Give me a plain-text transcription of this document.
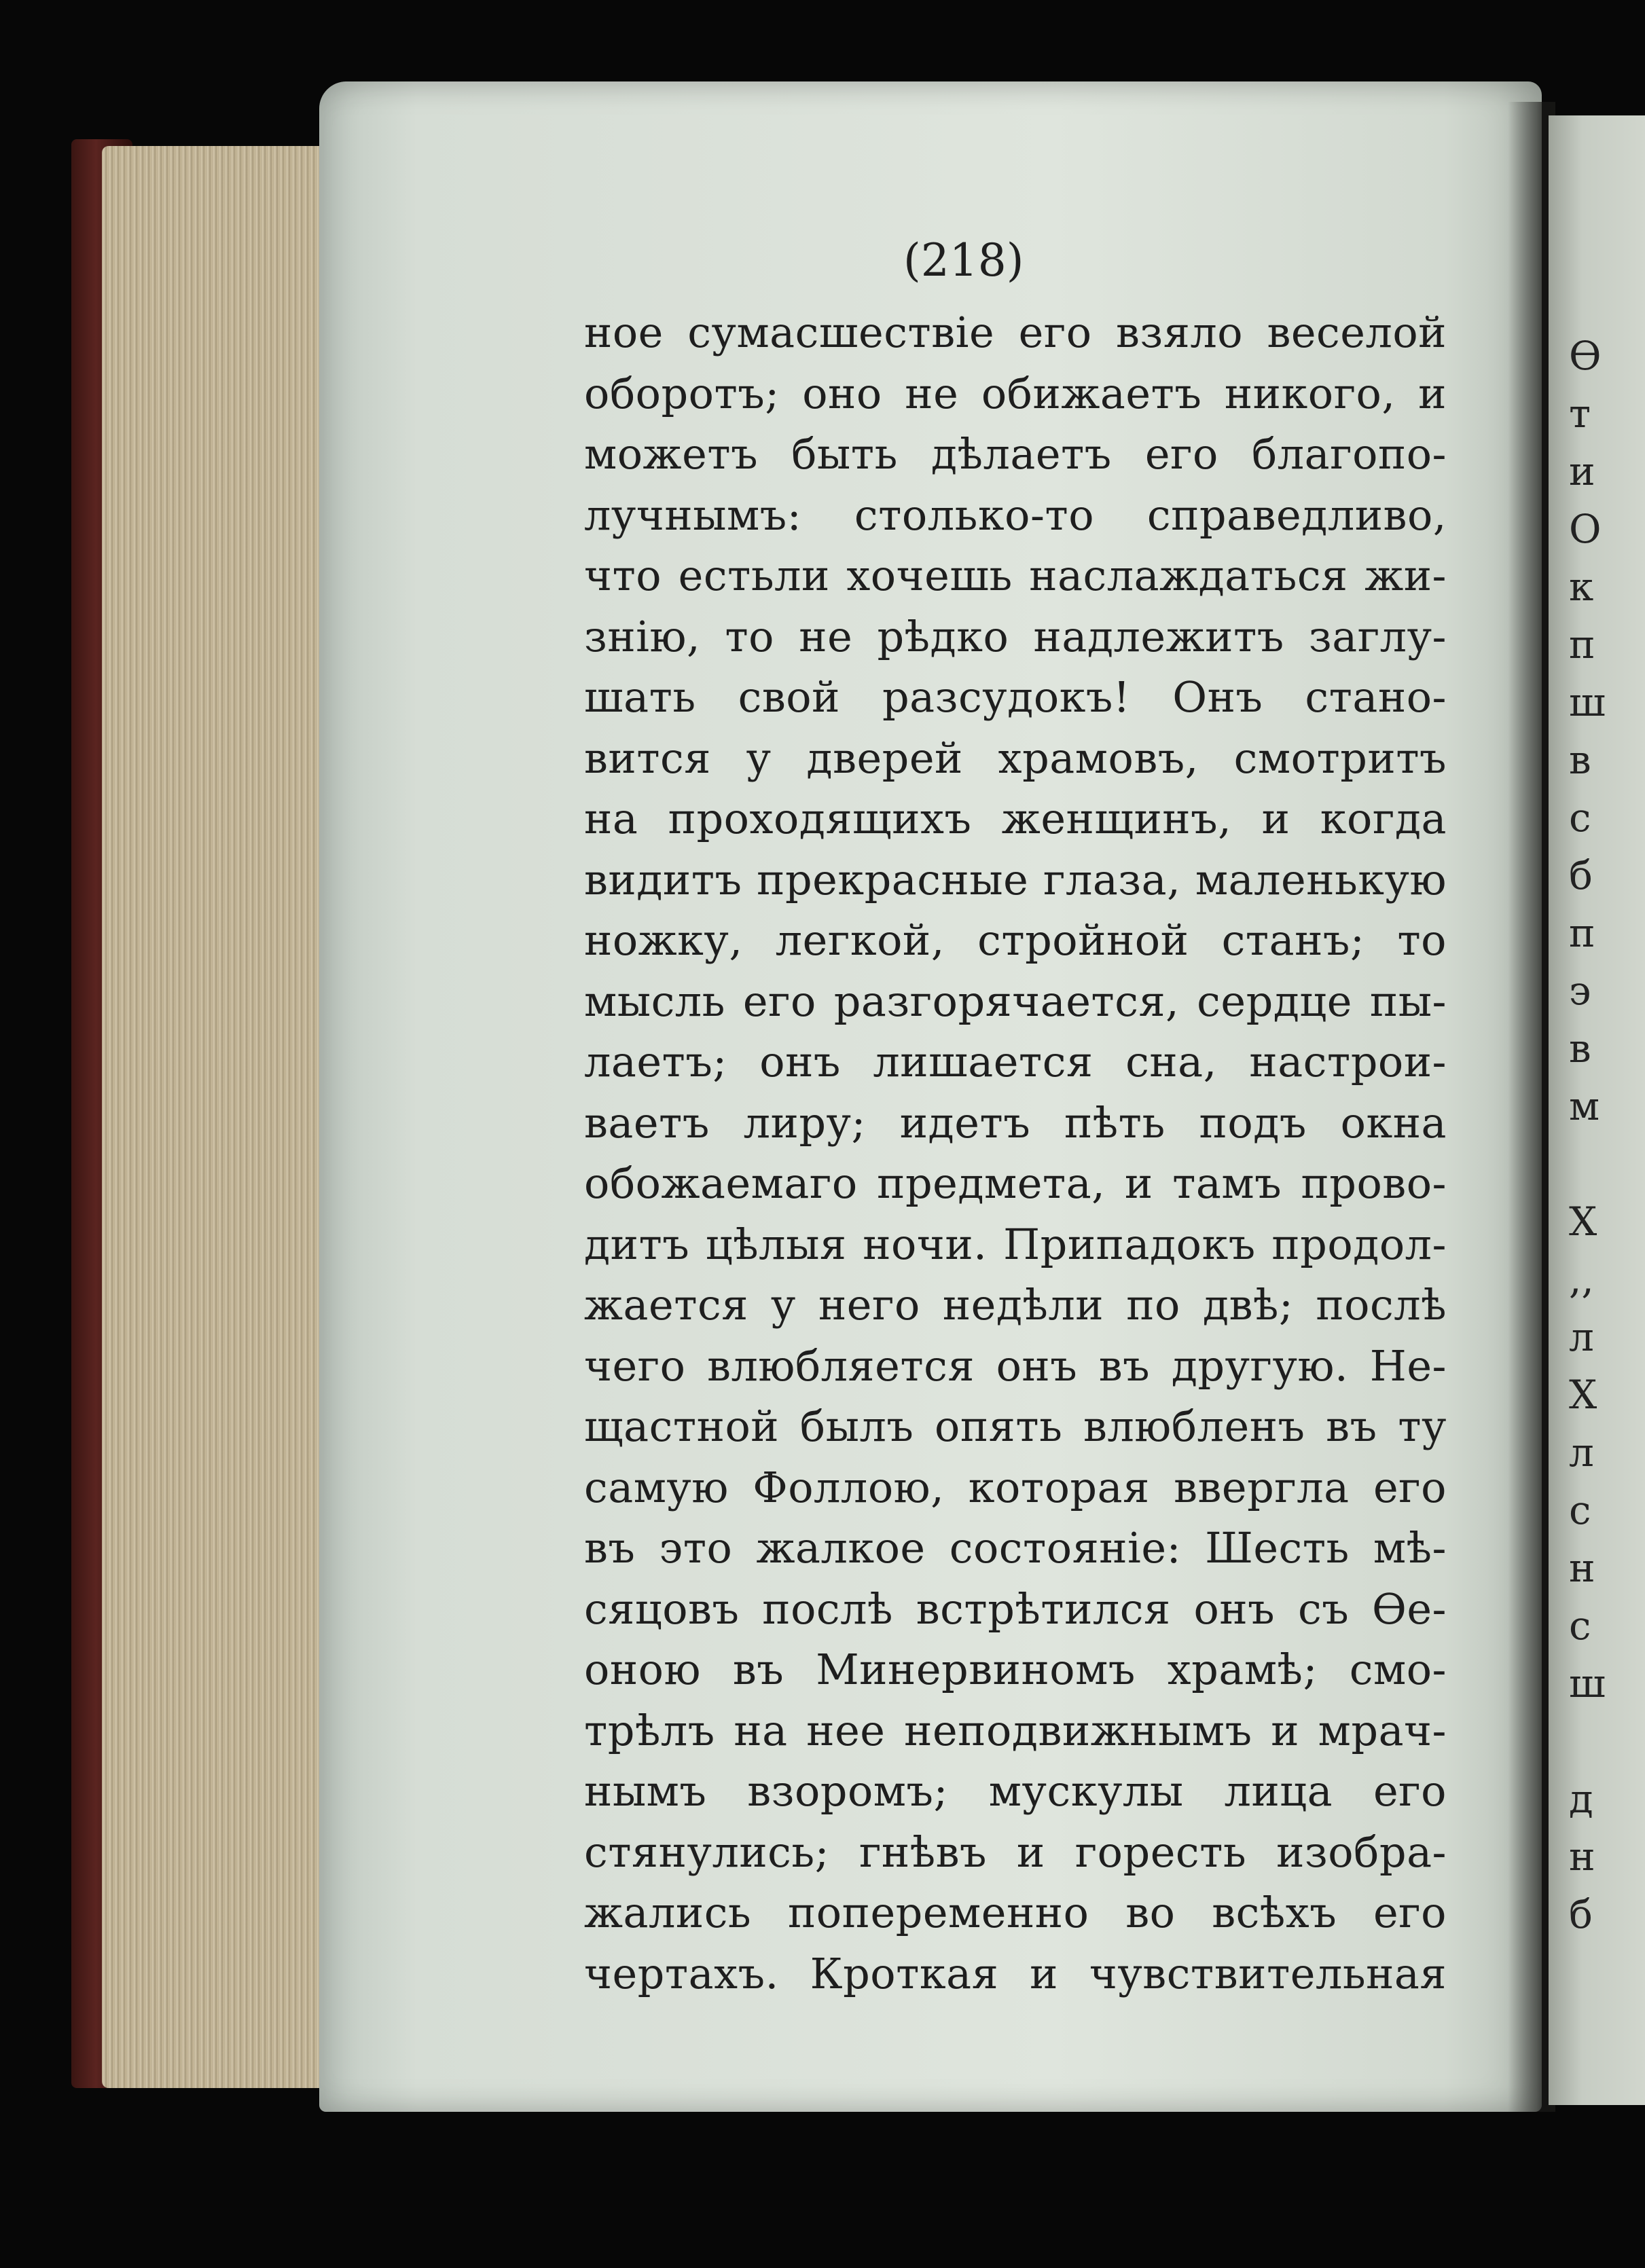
Ѳ
т
и
О
к
п
ш
в
с
б
п
э
в
м
Х
,,
л
Х
л
с
н
с
ш
д
н
б
(218)
ное сумасшествіе его взяло веселой
оборотъ; оно не обижаетъ никого, и
можетъ быть дѣлаетъ его благопо-
лучнымъ: столько-то справедливо,
что естьли хочешь наслаждаться жи-
знію, то не рѣдко надлежитъ заглу-
шать свой разсудокъ! Онъ стано-
вится у дверей храмовъ, смотритъ
на проходящихъ женщинъ, и когда
видитъ прекрасные глаза, маленькую
ножку, легкой, стройной станъ; то
мысль его разгорячается, сердце пы-
лаетъ; онъ лишается сна, настрои-
ваетъ лиру; идетъ пѣть подъ окна
обожаемаго предмета, и тамъ прово-
дитъ цѣлыя ночи. Припадокъ продол-
жается у него недѣли по двѣ; послѣ
чего влюбляется онъ въ другую. Не-
щастной былъ опять влюбленъ въ ту
самую Фоллою, которая ввергла его
въ это жалкое состояніе: Шесть мѣ-
сяцовъ послѣ встрѣтился онъ съ Ѳе-
оною въ Минервиномъ храмѣ; смо-
трѣлъ на нее неподвижнымъ и мрач-
нымъ взоромъ; мускулы лица его
стянулись; гнѣвъ и горесть изобра-
жались попеременно во всѣхъ его
чертахъ. Кроткая и чувствительная
